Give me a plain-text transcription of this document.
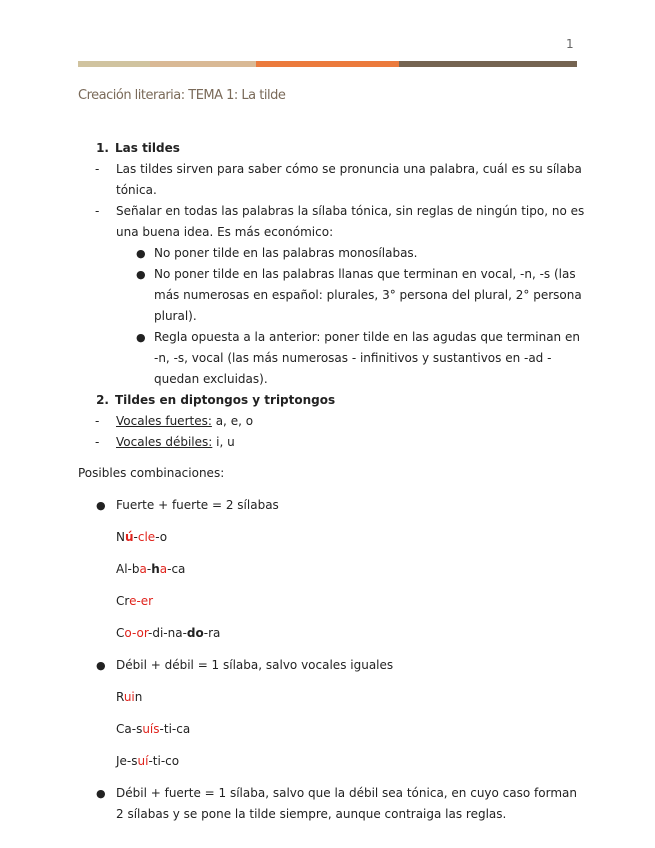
1
Creación literaria: TEMA 1: La tilde
1. Las tildes
-	Las tildes sirven para saber cómo se pronuncia una palabra, cuál es su sílaba tónica.
-	Señalar en todas las palabras la sílaba tónica, sin reglas de ningún tipo, no es una buena idea. Es más económico:
● No poner tilde en las palabras monosílabas.
● No poner tilde en las palabras llanas que terminan en vocal, -n, -s (las más numerosas en español: plurales, 3° persona del plural, 2° persona plural).
● Regla opuesta a la anterior: poner tilde en las agudas que terminan en -n, -s, vocal (las más numerosas - infinitivos y sustantivos en -ad - quedan excluidas).
2. Tildes en diptongos y triptongos
-	Vocales fuertes: a, e, o
-	Vocales débiles: i, u
Posibles combinaciones:
● Fuerte + fuerte = 2 sílabas
Nú-cle-o
Al-ba-ha-ca
Cre-er
Co-or-di-na-do-ra
● Débil + débil = 1 sílaba, salvo vocales iguales
Ruin
Ca-suís-ti-ca
Je-suí-ti-co
● Débil + fuerte = 1 sílaba, salvo que la débil sea tónica, en cuyo caso forman 2 sílabas y se pone la tilde siempre, aunque contraiga las reglas.
